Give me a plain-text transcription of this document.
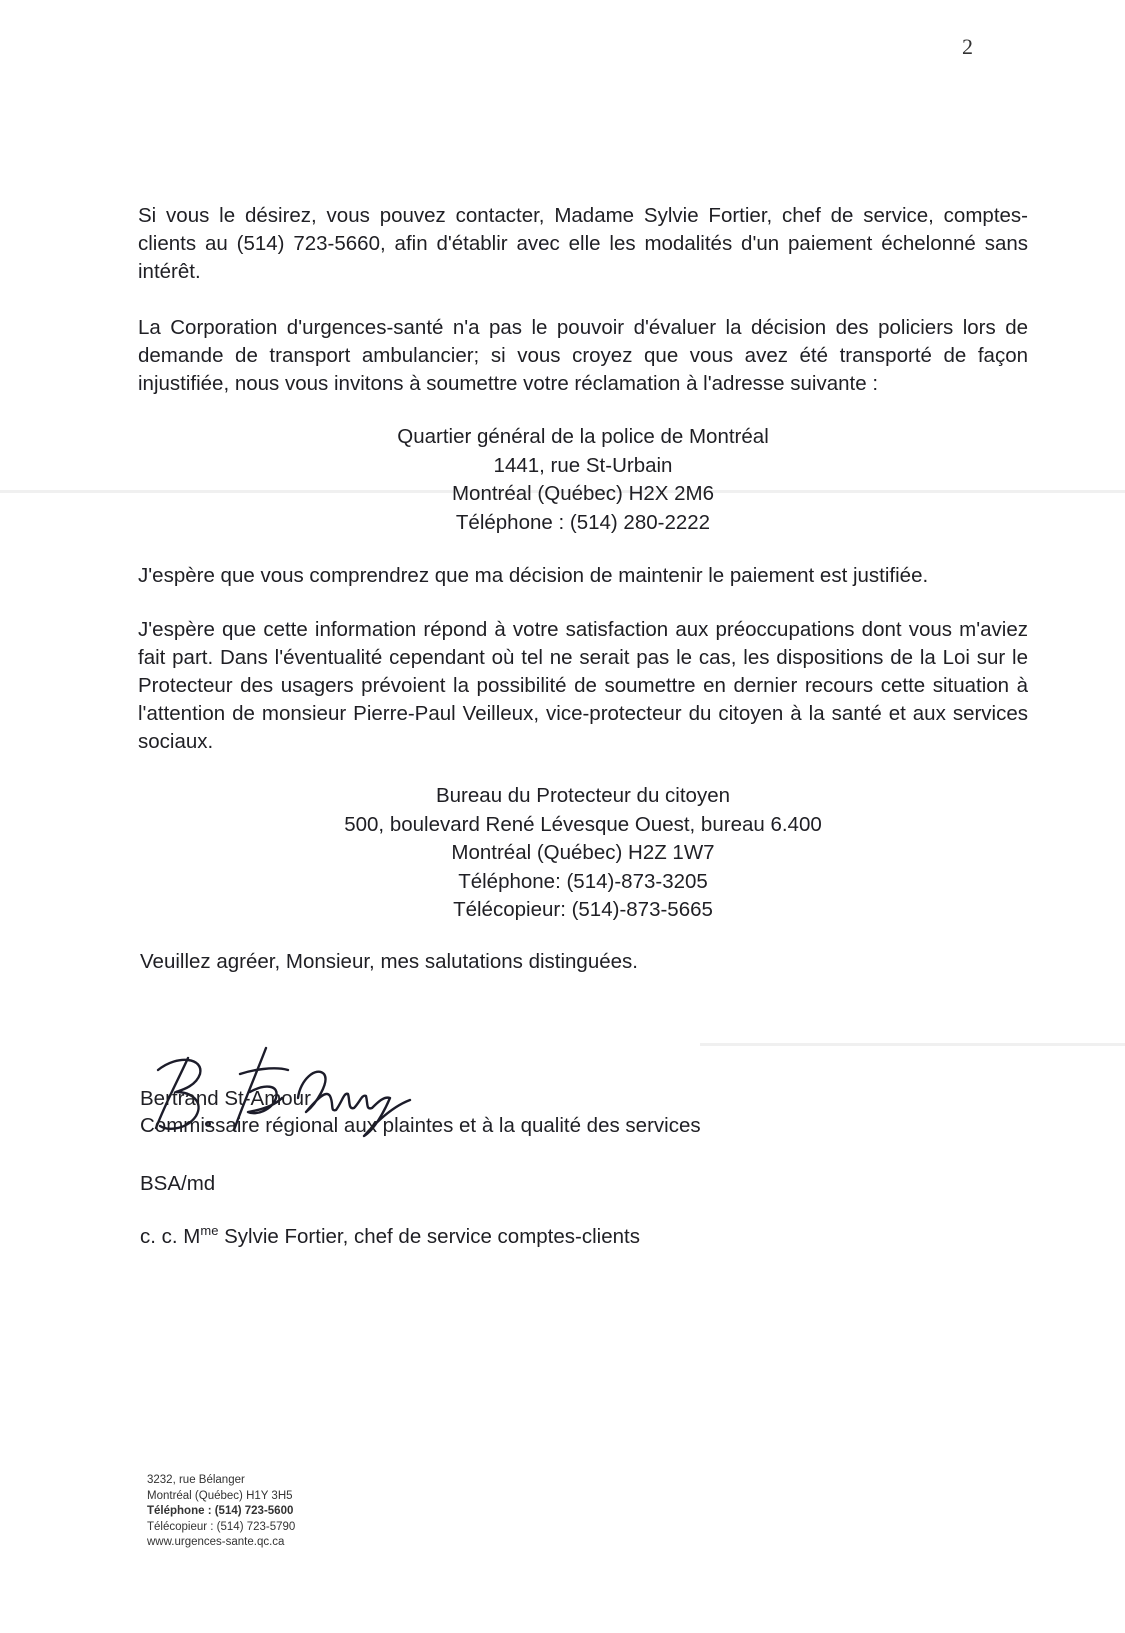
2

Si vous le désirez, vous pouvez contacter, Madame Sylvie Fortier, chef de service, comptes-clients au (514) 723-5660, afin d'établir avec elle les modalités d'un paiement échelonné sans intérêt.

La Corporation d'urgences-santé n'a pas le pouvoir d'évaluer la décision des policiers lors de demande de transport ambulancier; si vous croyez que vous avez été transporté de façon injustifiée, nous vous invitons à soumettre votre réclamation à l'adresse suivante :

Quartier général de la police de Montréal
1441, rue St-Urbain
Montréal (Québec) H2X 2M6
Téléphone : (514) 280-2222

J'espère que vous comprendrez que ma décision de maintenir le paiement est justifiée.

J'espère que cette information répond à votre satisfaction aux préoccupations dont vous m'aviez fait part. Dans l'éventualité cependant où tel ne serait pas le cas, les dispositions de la Loi sur le Protecteur des usagers prévoient la possibilité de soumettre en dernier recours cette situation à l'attention de monsieur Pierre-Paul Veilleux, vice-protecteur du citoyen à la santé et aux services sociaux.

Bureau du Protecteur du citoyen
500, boulevard René Lévesque Ouest, bureau 6.400
Montréal (Québec) H2Z 1W7
Téléphone: (514)-873-3205
Télécopieur: (514)-873-5665
Veuillez agréer, Monsieur, mes salutations distinguées.
Bertrand St-Amour
Commissaire régional aux plaintes et à la qualité des services
BSA/md
c. c. $M^{me}$ Sylvie Fortier, chef de service comptes-clients
3232, rue Bélanger
Montréal (Québec) H1Y 3H5
Téléphone : (514) 723-5600
Télécopieur : (514) 723-5790
www.urgences-sante.qc.ca
